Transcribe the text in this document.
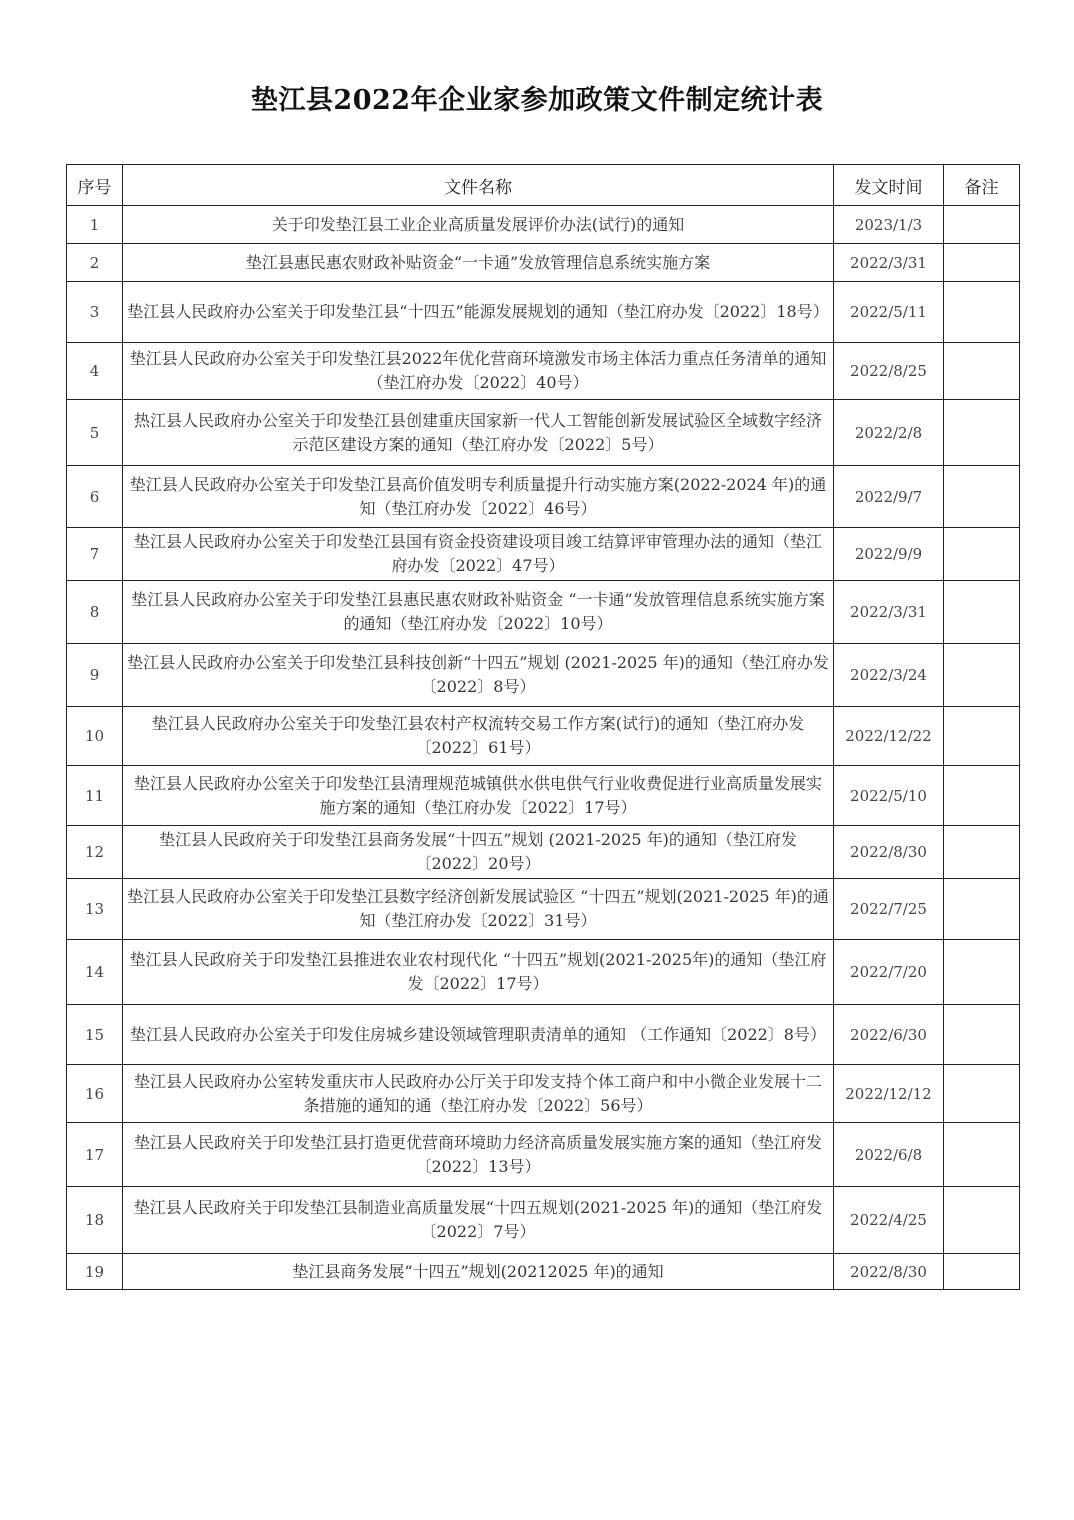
垫江县2022年企业家参加政策文件制定统计表
序号	文件名称	发文时间	备注
1	关于印发垫江县工业企业高质量发展评价办法(试行)的通知	2023/1/3	
2	垫江县惠民惠农财政补贴资金“一卡通”发放管理信息系统实施方案	2022/3/31	
3	垫江县人民政府办公室关于印发垫江县“十四五”能源发展规划的通知（垫江府办发〔2022〕18号）	2022/5/11	
4	垫江县人民政府办公室关于印发垫江县2022年优化营商环境激发市场主体活力重点任务清单的通知（垫江府办发〔2022〕40号）	2022/8/25	
5	热江县人民政府办公室关于印发垫江县创建重庆国家新一代人工智能创新发展试验区全域数字经济示范区建设方案的通知（垫江府办发〔2022〕5号）	2022/2/8	
6	垫江县人民政府办公室关于印发垫江县高价值发明专利质量提升行动实施方案(2022-2024 年)的通知（垫江府办发〔2022〕46号）	2022/9/7	
7	垫江县人民政府办公室关于印发垫江县国有资金投资建设项目竣工结算评审管理办法的通知（垫江府办发〔2022〕47号）	2022/9/9	
8	垫江县人民政府办公室关于印发垫江县惠民惠农财政补贴资金 “一卡通”发放管理信息系统实施方案的通知（垫江府办发〔2022〕10号）	2022/3/31	
9	垫江县人民政府办公室关于印发垫江县科技创新“十四五”规划 (2021-2025 年)的通知（垫江府办发〔2022〕8号）	2022/3/24	
10	垫江县人民政府办公室关于印发垫江县农村产权流转交易工作方案(试行)的通知（垫江府办发〔2022〕61号）	2022/12/22	
11	垫江县人民政府办公室关于印发垫江县清理规范城镇供水供电供气行业收费促进行业高质量发展实施方案的通知（垫江府办发〔2022〕17号）	2022/5/10	
12	垫江县人民政府关于印发垫江县商务发展“十四五”规划 (2021-2025 年)的通知（垫江府发〔2022〕20号）	2022/8/30	
13	垫江县人民政府办公室关于印发垫江县数字经济创新发展试验区 “十四五”规划(2021-2025 年)的通知（垫江府办发〔2022〕31号）	2022/7/25	
14	垫江县人民政府关于印发垫江县推进农业农村现代化 “十四五”规划(2021-2025年)的通知（垫江府发〔2022〕17号）	2022/7/20	
15	垫江县人民政府办公室关于印发住房城乡建设领域管理职责清单的通知 （工作通知〔2022〕8号）	2022/6/30	
16	垫江县人民政府办公室转发重庆市人民政府办公厅关于印发支持个体工商户和中小微企业发展十二条措施的通知的通（垫江府办发〔2022〕56号）	2022/12/12	
17	垫江县人民政府关于印发垫江县打造更优营商环境助力经济高质量发展实施方案的通知（垫江府发〔2022〕13号）	2022/6/8	
18	垫江县人民政府关于印发垫江县制造业高质量发展“十四五规划(2021-2025 年)的通知（垫江府发〔2022〕7号）	2022/4/25	
19	垫江县商务发展“十四五”规划(20212025 年)的通知	2022/8/30	
